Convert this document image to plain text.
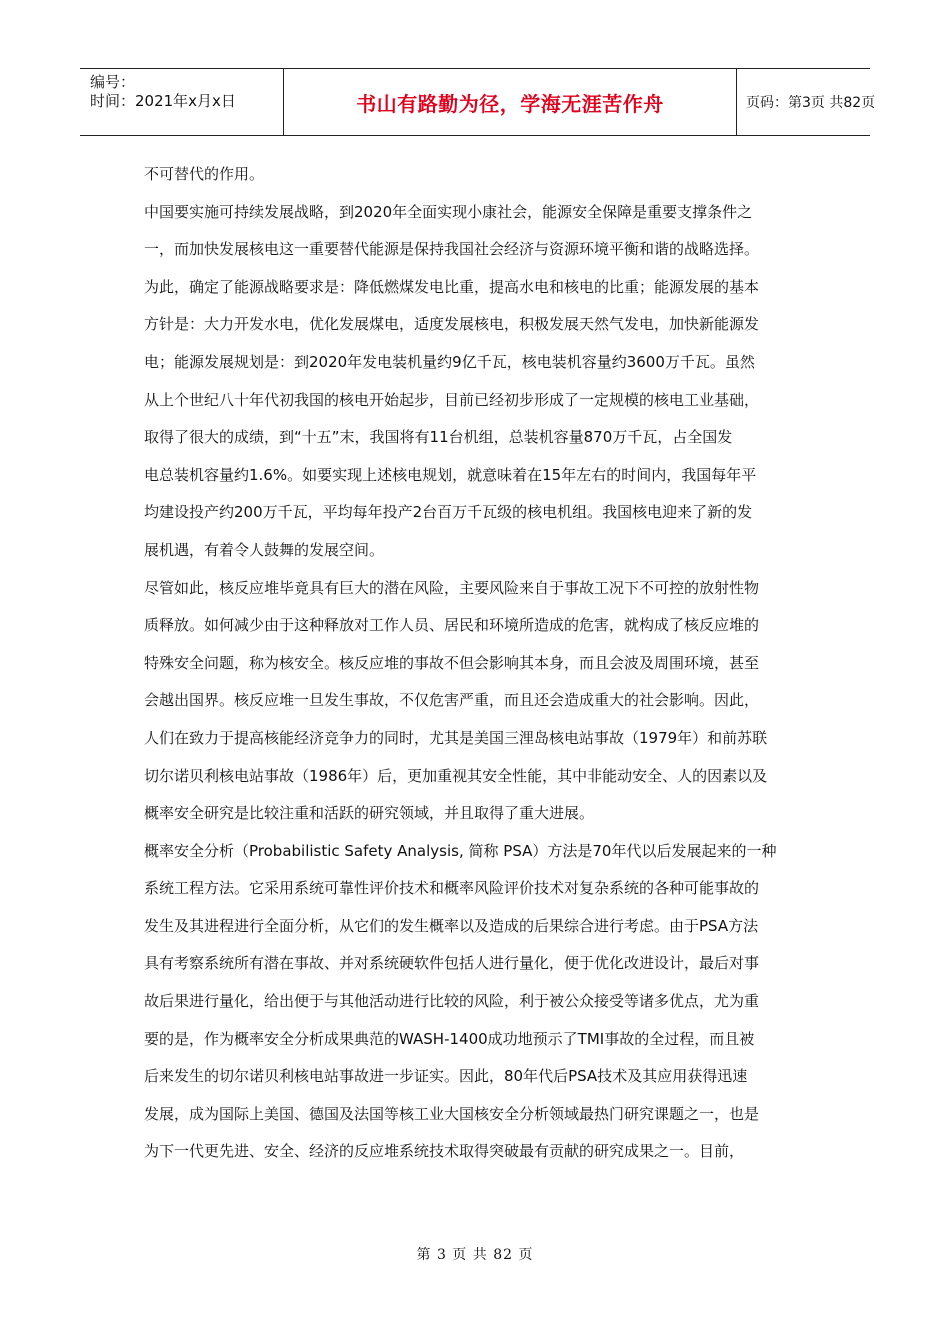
编号：
时间：2021年x月x日	书山有路勤为径，学海无涯苦作舟	页码：第3页 共82页
不可替代的作用。
中国要实施可持续发展战略，到2020年全面实现小康社会，能源安全保障是重要支撑条件之
一，而加快发展核电这一重要替代能源是保持我国社会经济与资源环境平衡和谐的战略选择。
为此，确定了能源战略要求是：降低燃煤发电比重，提高水电和核电的比重；能源发展的基本
方针是：大力开发水电，优化发展煤电，适度发展核电，积极发展天然气发电，加快新能源发
电；能源发展规划是：到2020年发电装机量约9亿千瓦，核电装机容量约3600万千瓦。虽然
从上个世纪八十年代初我国的核电开始起步，目前已经初步形成了一定规模的核电工业基础，
取得了很大的成绩，到“十五”末，我国将有11台机组，总装机容量870万千瓦，占全国发
电总装机容量约1.6%。如要实现上述核电规划，就意味着在15年左右的时间内，我国每年平
均建设投产约200万千瓦，平均每年投产2台百万千瓦级的核电机组。我国核电迎来了新的发
展机遇，有着令人鼓舞的发展空间。
尽管如此，核反应堆毕竟具有巨大的潜在风险，主要风险来自于事故工况下不可控的放射性物
质释放。如何减少由于这种释放对工作人员、居民和环境所造成的危害，就构成了核反应堆的
特殊安全问题，称为核安全。核反应堆的事故不但会影响其本身，而且会波及周围环境，甚至
会越出国界。核反应堆一旦发生事故，不仅危害严重，而且还会造成重大的社会影响。因此，
人们在致力于提高核能经济竞争力的同时，尤其是美国三浬岛核电站事故（1979年）和前苏联
切尔诺贝利核电站事故（1986年）后，更加重视其安全性能，其中非能动安全、人的因素以及
概率安全研究是比较注重和活跃的研究领域，并且取得了重大进展。
概率安全分析（Probabilistic Safety Analysis, 简称 PSA）方法是70年代以后发展起来的一种
系统工程方法。它采用系统可靠性评价技术和概率风险评价技术对复杂系统的各种可能事故的
发生及其进程进行全面分析，从它们的发生概率以及造成的后果综合进行考虑。由于PSA方法
具有考察系统所有潜在事故、并对系统硬软件包括人进行量化，便于优化改进设计，最后对事
故后果进行量化，给出便于与其他活动进行比较的风险，利于被公众接受等诸多优点，尤为重
要的是，作为概率安全分析成果典范的WASH-1400成功地预示了TMI事故的全过程，而且被
后来发生的切尔诺贝利核电站事故进一步证实。因此，80年代后PSA技术及其应用获得迅速
发展，成为国际上美国、德国及法国等核工业大国核安全分析领域最热门研究课题之一，也是
为下一代更先进、安全、经济的反应堆系统技术取得突破最有贡献的研究成果之一。目前，
第 3 页 共 82 页
